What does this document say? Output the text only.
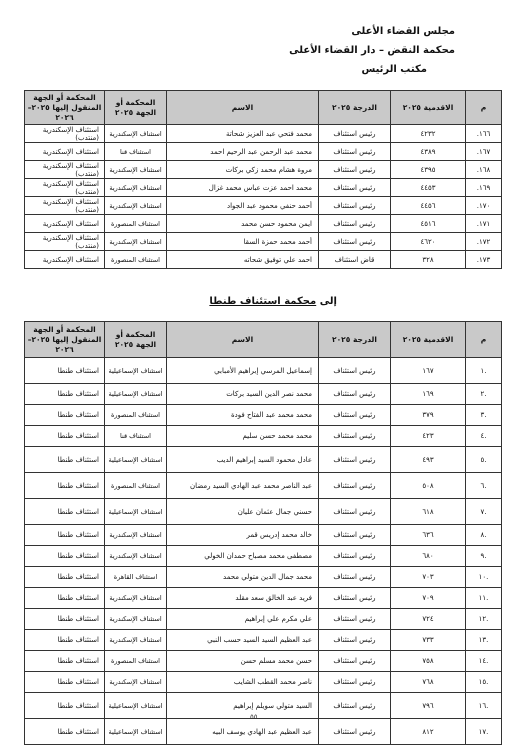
مجلس القضاء الأعلى
محكمة النقض – دار القضاء الأعلى
مكتب الرئيس
م	الاقدمية ٢٠٢٥	الدرجة ٢٠٢٥	الاسم	المحكمة أو الجهة ٢٠٢٥	المحكمة أو الجهة المنقول إليها ٢٠٢٥–٢٠٢٦
١٦٦.	٤٢٣٢	رئيس استئناف	محمد فتحي عبد العزيز شحاتة	استئناف الإسكندرية	استئناف الإسكندرية (منتدب)
١٦٧.	٤٣٨٩	رئيس استئناف	محمد عبد الرحمن عبد الرحيم احمد	استئناف قنا	استئناف الإسكندرية
١٦٨.	٤٣٩٥	رئيس استئناف	مروة هشام محمد زكي بركات	استئناف الإسكندرية	استئناف الإسكندرية (منتدب)
١٦٩.	٤٤٥٣	رئيس استئناف	محمد احمد عزت عباس محمد غزال	استئناف الإسكندرية	استئناف الإسكندرية (منتدب)
١٧٠.	٤٤٥٦	رئيس استئناف	أحمد حنفي محمود عبد الجواد	استئناف الإسكندرية	استئناف الإسكندرية (منتدب)
١٧١.	٤٥١٦	رئيس استئناف	ايمن محمود حسن محمد	استئناف المنصورة	استئناف الإسكندرية
١٧٢.	٤٦٢٠	رئيس استئناف	أحمد محمد حمزة السقا	استئناف الإسكندرية	استئناف الإسكندرية (منتدب)
١٧٣.	٣٢٨	قاض استئناف	احمد علي توفيق شحاته	استئناف المنصورة	استئناف الإسكندرية
إلى محكمة استئناف طنطا
م	الاقدمية ٢٠٢٥	الدرجة ٢٠٢٥	الاسم	المحكمة أو الجهة ٢٠٢٥	المحكمة أو الجهة المنقول إليها ٢٠٢٥–٢٠٢٦
.١	١٦٧	رئيس استئناف	إسماعيل المرسي إبراهيم الأمبابي	استئناف الإسماعيلية	استئناف طنطا
.٢	١٦٩	رئيس استئناف	محمد نصر الدين السيد بركات	استئناف الإسماعيلية	استئناف طنطا
.٣	٣٧٩	رئيس استئناف	محمد محمد عبد الفتاح فودة	استئناف المنصورة	استئناف طنطا
.٤	٤٢٣	رئيس استئناف	محمد محمد حسن سليم	استئناف قنا	استئناف طنطا
.٥	٤٩٣	رئيس استئناف	عادل محمود السيد إبراهيم الديب	استئناف الإسماعيلية	استئناف طنطا
.٦	٥٠٨	رئيس استئناف	عبد الناصر محمد عبد الهادي السيد رمضان	استئناف المنصورة	استئناف طنطا
.٧	٦١٨	رئيس استئناف	حسني جمال عثمان عليان	استئناف الإسماعيلية	استئناف طنطا
.٨	٦٣٦	رئيس استئناف	خالد محمد إدريس قمر	استئناف الإسكندرية	استئناف طنطا
.٩	٦٨٠	رئيس استئناف	مصطفى محمد مصباح حمدان الخولي	استئناف الإسكندرية	استئناف طنطا
.١٠	٧٠٣	رئيس استئناف	محمد جمال الدين متولي محمد	استئناف القاهرة	استئناف طنطا
.١١	٧٠٩	رئيس استئناف	فريد عبد الخالق سعد مقلد	استئناف الإسكندرية	استئناف طنطا
.١٢	٧٢٤	رئيس استئناف	علي مكرم علي إبراهيم	استئناف الإسكندرية	استئناف طنطا
.١٣	٧٣٣	رئيس استئناف	عبد العظيم السيد السيد حسب النبي	استئناف الإسكندرية	استئناف طنطا
.١٤	٧٥٨	رئيس استئناف	حسن محمد مسلم حسن	استئناف المنصورة	استئناف طنطا
.١٥	٧٦٨	رئيس استئناف	ناصر محمد القطب الشايب	استئناف الإسكندرية	استئناف طنطا
.١٦	٧٩٦	رئيس استئناف	السيد متولي سويلم إبراهيم	استئناف الإسماعيلية	استئناف طنطا
.١٧	٨١٢	رئيس استئناف	عبد العظيم عبد الهادي يوسف البيه	استئناف الإسماعيلية	استئناف طنطا
٥٥
